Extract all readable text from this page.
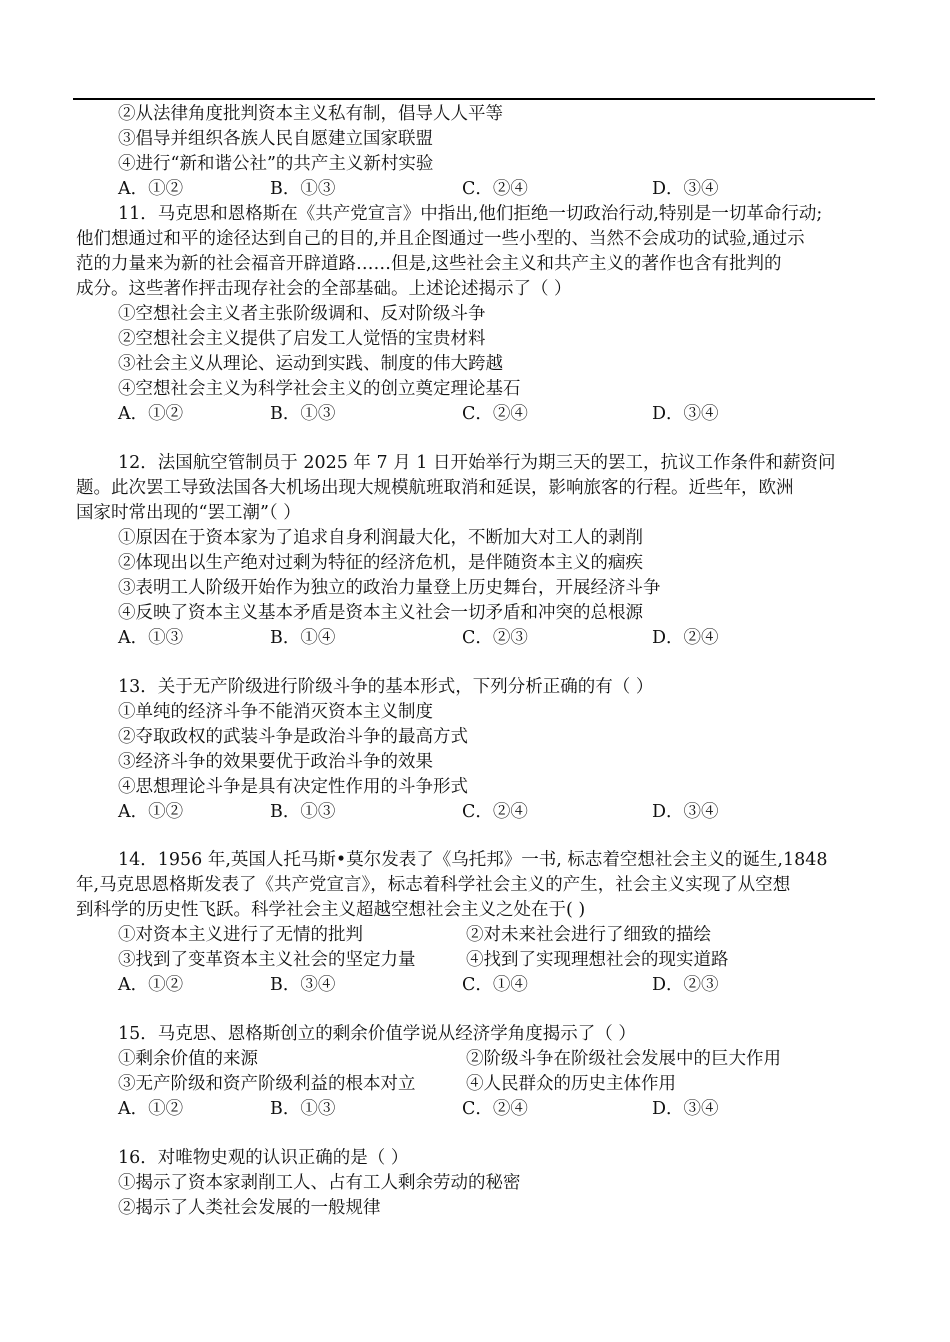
②从法律角度批判资本主义私有制，倡导人人平等
③倡导并组织各族人民自愿建立国家联盟
④进行“新和谐公社”的共产主义新村实验
A．①②	B．①③	C．②④	D．③④
11．马克思和恩格斯在《共产党宣言》中指出,他们拒绝一切政治行动,特别是一切革命行动;
他们想通过和平的途径达到自己的目的,并且企图通过一些小型的、当然不会成功的试验,通过示
范的力量来为新的社会福音开辟道路……但是,这些社会主义和共产主义的著作也含有批判的
成分。这些著作抨击现存社会的全部基础。上述论述揭示了（ ）
①空想社会主义者主张阶级调和、反对阶级斗争
②空想社会主义提供了启发工人觉悟的宝贵材料
③社会主义从理论、运动到实践、制度的伟大跨越
④空想社会主义为科学社会主义的创立奠定理论基石
A．①②	B．①③	C．②④	D．③④
12．法国航空管制员于 2025 年 7 月 1 日开始举行为期三天的罢工，抗议工作条件和薪资问
题。此次罢工导致法国各大机场出现大规模航班取消和延误，影响旅客的行程。近些年，欧洲
国家时常出现的“罢工潮”（ ）
①原因在于资本家为了追求自身利润最大化，不断加大对工人的剥削
②体现出以生产绝对过剩为特征的经济危机，是伴随资本主义的痼疾
③表明工人阶级开始作为独立的政治力量登上历史舞台，开展经济斗争
④反映了资本主义基本矛盾是资本主义社会一切矛盾和冲突的总根源
A．①③	B．①④	C．②③	D．②④
13．关于无产阶级进行阶级斗争的基本形式，下列分析正确的有（ ）
①单纯的经济斗争不能消灭资本主义制度
②夺取政权的武装斗争是政治斗争的最高方式
③经济斗争的效果要优于政治斗争的效果
④思想理论斗争是具有决定性作用的斗争形式
A．①②	B．①③	C．②④	D．③④
14．1956 年,英国人托马斯•莫尔发表了《乌托邦》一书, 标志着空想社会主义的诞生,1848
年,马克思恩格斯发表了《共产党宣言》，标志着科学社会主义的产生，社会主义实现了从空想
到科学的历史性飞跃。科学社会主义超越空想社会主义之处在于( )
①对资本主义进行了无情的批判	②对未来社会进行了细致的描绘
③找到了变革资本主义社会的坚定力量	④找到了实现理想社会的现实道路
A．①②	B．③④	C．①④	D．②③
15．马克思、恩格斯创立的剩余价值学说从经济学角度揭示了（ ）
①剩余价值的来源	②阶级斗争在阶级社会发展中的巨大作用
③无产阶级和资产阶级利益的根本对立	④人民群众的历史主体作用
A．①②	B．①③	C．②④	D．③④
16．对唯物史观的认识正确的是（ ）
①揭示了资本家剥削工人、占有工人剩余劳动的秘密
②揭示了人类社会发展的一般规律
